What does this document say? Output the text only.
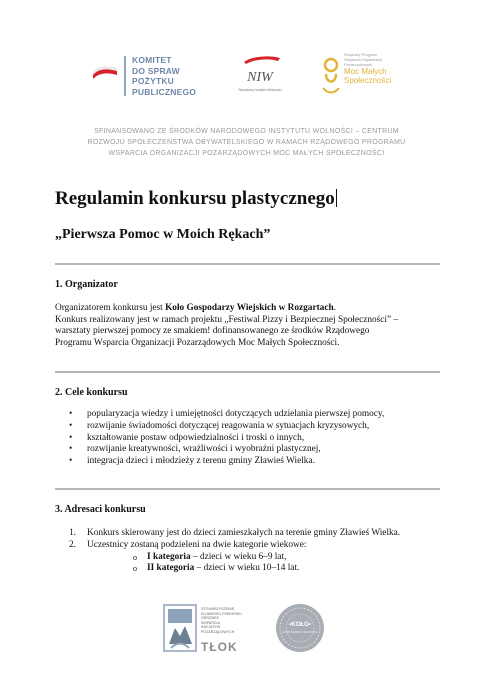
KOMITET
DO SPRAW
POŻYTKU
PUBLICZNEGO
NIW
Narodowy Instytut Wolności
Rządowy Program
Wsparcia Organizacji
Pozarządowych
Moc Małych
Społeczności
SFINANSOWANO ZE ŚRODKÓW NARODOWEGO INSTYTUTU WOLNOŚCI – CENTRUM
ROZWOJU SPOŁECZEŃSTWA OBYWATELSKIEGO W RAMACH RZĄDOWEGO PROGRAMU
WSPARCIA ORGANIZACJI POZARZĄDOWYCH MOC MAŁYCH SPOŁECZNOŚCI
Regulamin konkursu plastycznego
„Pierwsza Pomoc w Moich Rękach”
1. Organizator
Organizatorem konkursu jest Koło Gospodarzy Wiejskich w Rozgartach.
Konkurs realizowany jest w ramach projektu „Festiwal Pizzy i Bezpiecznej Społeczności” –
warsztaty pierwszej pomocy ze smakiem! dofinansowanego ze środków Rządowego
Programu Wsparcia Organizacji Pozarządowych Moc Małych Społeczności.
2. Cele konkursu
• popularyzacja wiedzy i umiejętności dotyczących udzielania pierwszej pomocy,
• rozwijanie świadomości dotyczącej reagowania w sytuacjach kryzysowych,
• kształtowanie postaw odpowiedzialności i troski o innych,
• rozwijanie kreatywności, wrażliwości i wyobraźni plastycznej,
• integracja dzieci i młodzieży z terenu gminy Zławieś Wielka.
3. Adresaci konkursu
1. Konkurs skierowany jest do dzieci zamieszkałych na terenie gminy Zławieś Wielka.
2. Uczestnicy zostaną podzieleni na dwie kategorie wiekowe:
o I kategoria – dzieci w wieku 6–9 lat,
o II kategoria – dzieci w wieku 10–14 lat.
STOWARZYSZENIE
KUJAWSKO-POMORSKI
OŚRODEK
WSPARCIA
INICJATYW
POZARZĄDOWYCH
TŁOK
•KOŁO•
GOSPODARZY WIEJSKICH
